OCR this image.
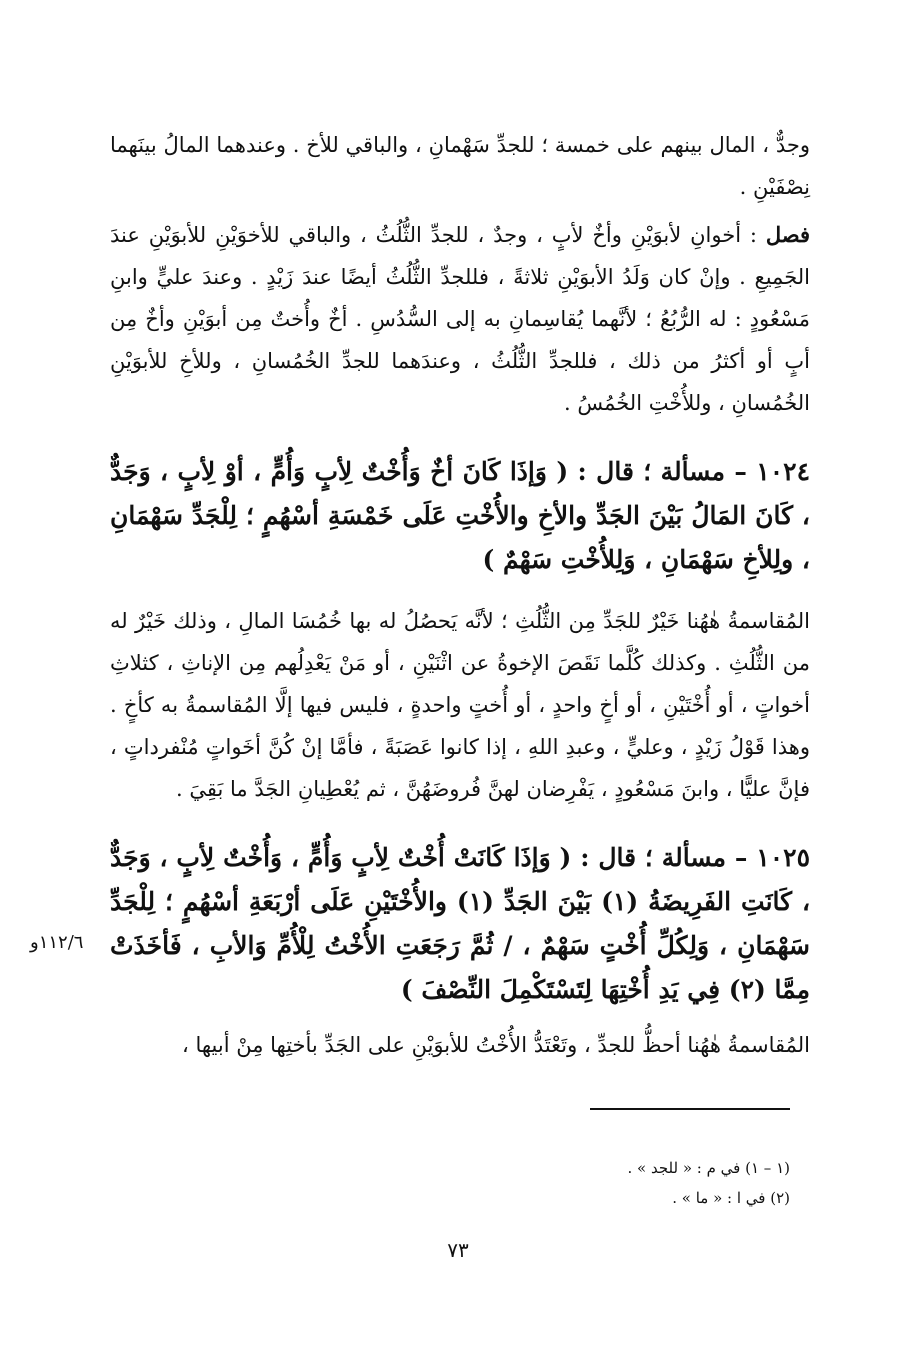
وجدٌّ ، المال بينهم على خمسة ؛ للجدِّ سَهْمانِ ، والباقي للأخ . وعندهما المالُ بينَهما نِصْفَيْنِ .

فصل : أخوانِ لأبوَيْنِ وأخٌ لأبٍ ، وجدٌ ، للجدِّ الثُّلُثُ ، والباقي للأخوَيْنِ للأبوَيْنِ عندَ الجَمِيعِ . وإنْ كان وَلَدُ الأبوَيْنِ ثلاثةً ، فللجدِّ الثُّلُثُ أيضًا عندَ زَيْدٍ . وعندَ عليٍّ وابنِ مَسْعُودٍ : له الرُّبُعُ ؛ لأنَّهما يُقاسِمانِ به إلى السُّدُسِ . أخٌ وأُختٌ مِن أبوَيْنِ وأخٌ مِن أبٍ أو أكثرُ من ذلك ، فللجدِّ الثُّلُثُ ، وعندَهما للجدِّ الخُمُسانِ ، وللأخِ للأبوَيْنِ الخُمُسانِ ، وللأُخْتِ الخُمُسُ .

١٠٢٤ – مسألة ؛ قال : ( وَإذَا كَانَ أخٌ وَأُخْتٌ لِأبٍ وَأُمٍّ ، أوْ لِأبٍ ، وَجَدٌّ ، كَانَ المَالُ بَيْنَ الجَدِّ والأخِ والأُخْتِ عَلَى خَمْسَةِ أسْهُمٍ ؛ لِلْجَدِّ سَهْمَانِ ، ولِلأخِ سَهْمَانِ ، وَلِلأُخْتِ سَهْمٌ )

المُقاسمةُ هٰهُنا خَيْرٌ للجَدِّ مِن الثُّلُثِ ؛ لأنَّه يَحصُلُ له بها خُمُسَا المالِ ، وذلك خَيْرٌ له من الثُّلُثِ . وكذلك كُلَّما نَقَصَ الإخوةُ عن اثْنَيْنِ ، أو مَنْ يَعْدِلُهم مِن الإناثِ ، كثلاثِ أخواتٍ ، أو أُخْتَيْنِ ، أو أخٍ واحدٍ ، أو أُختٍ واحدةٍ ، فليس فيها إلَّا المُقاسمةُ به كأخٍ . وهذا قَوْلُ زَيْدٍ ، وعليٍّ ، وعبدِ اللهِ ، إذا كانوا عَصَبَةً ، فأمَّا إنْ كُنَّ أخَواتٍ مُنْفرداتٍ ، فإنَّ عليًّا ، وابنَ مَسْعُودٍ ، يَفْرِضان لهنَّ فُروضَهُنَّ ، ثم يُعْطِيانِ الجَدَّ ما بَقِيَ .

١٠٢٥ – مسألة ؛ قال : ( وَإذَا كَانَتْ أُخْتٌ لِأبٍ وَأُمٍّ ، وَأُخْتٌ لِأبٍ ، وَجَدٌّ ، كَانَتِ الفَرِيضَةُ (١) بَيْنَ الجَدِّ (١) والأُخْتَيْنِ عَلَى أرْبَعَةِ أسْهُمٍ ؛ لِلْجَدِّ سَهْمَانِ ، وَلِكُلِّ أُخْتٍ سَهْمٌ ، / ثُمَّ رَجَعَتِ الأُخْتُ لِلْأُمِّ وَالأبِ ، فَأخَذَتْ مِمَّا (٢) فِي يَدِ أُخْتِهَا لِتَسْتَكْمِلَ النِّصْفَ )

١١٢/٦و

المُقاسمةُ هٰهُنا أحظُّ للجدِّ ، وتَعْتَدُّ الأُخْتُ للأبوَيْنِ على الجَدِّ بأختِها مِنْ أبيها ،

(١ – ١) في م : « للجد » .
(٢) في ا : « ما » .
٧٣
